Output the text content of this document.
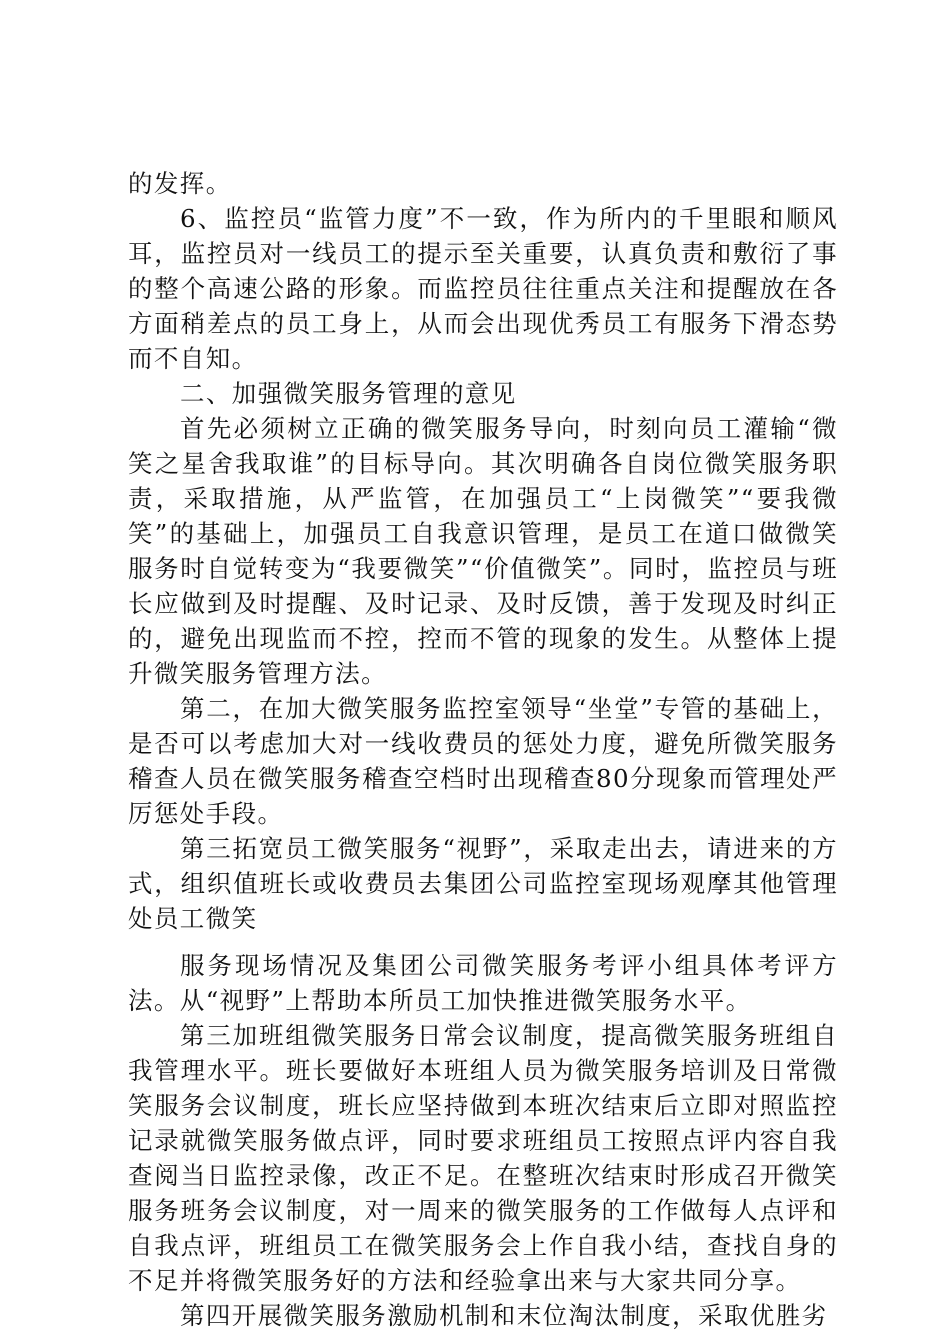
的发挥。

6、监控员“监管力度”不一致，作为所内的千里眼和顺风耳，监控员对一线员工的提示至关重要，认真负责和敷衍了事的整个高速公路的形象。而监控员往往重点关注和提醒放在各方面稍差点的员工身上，从而会出现优秀员工有服务下滑态势而不自知。

二、加强微笑服务管理的意见

首先必须树立正确的微笑服务导向，时刻向员工灌输“微笑之星舍我取谁”的目标导向。其次明确各自岗位微笑服务职责，采取措施，从严监管，在加强员工“上岗微笑”“要我微笑”的基础上，加强员工自我意识管理，是员工在道口做微笑服务时自觉转变为“我要微笑”“价值微笑”。同时，监控员与班长应做到及时提醒、及时记录、及时反馈，善于发现及时纠正的，避免出现监而不控，控而不管的现象的发生。从整体上提升微笑服务管理方法。

第二，在加大微笑服务监控室领导“坐堂”专管的基础上，是否可以考虑加大对一线收费员的惩处力度，避免所微笑服务稽查人员在微笑服务稽查空档时出现稽查80分现象而管理处严厉惩处手段。

第三拓宽员工微笑服务“视野”，采取走出去，请进来的方式，组织值班长或收费员去集团公司监控室现场观摩其他管理处员工微笑

服务现场情况及集团公司微笑服务考评小组具体考评方法。从“视野”上帮助本所员工加快推进微笑服务水平。

第三加班组微笑服务日常会议制度，提高微笑服务班组自我管理水平。班长要做好本班组人员为微笑服务培训及日常微笑服务会议制度，班长应坚持做到本班次结束后立即对照监控记录就微笑服务做点评，同时要求班组员工按照点评内容自我查阅当日监控录像，改正不足。在整班次结束时形成召开微笑服务班务会议制度，对一周来的微笑服务的工作做每人点评和自我点评，班组员工在微笑服务会上作自我小结，查找自身的不足并将微笑服务好的方法和经验拿出来与大家共同分享。

第四开展微笑服务激励机制和末位淘汰制度，采取优胜劣
